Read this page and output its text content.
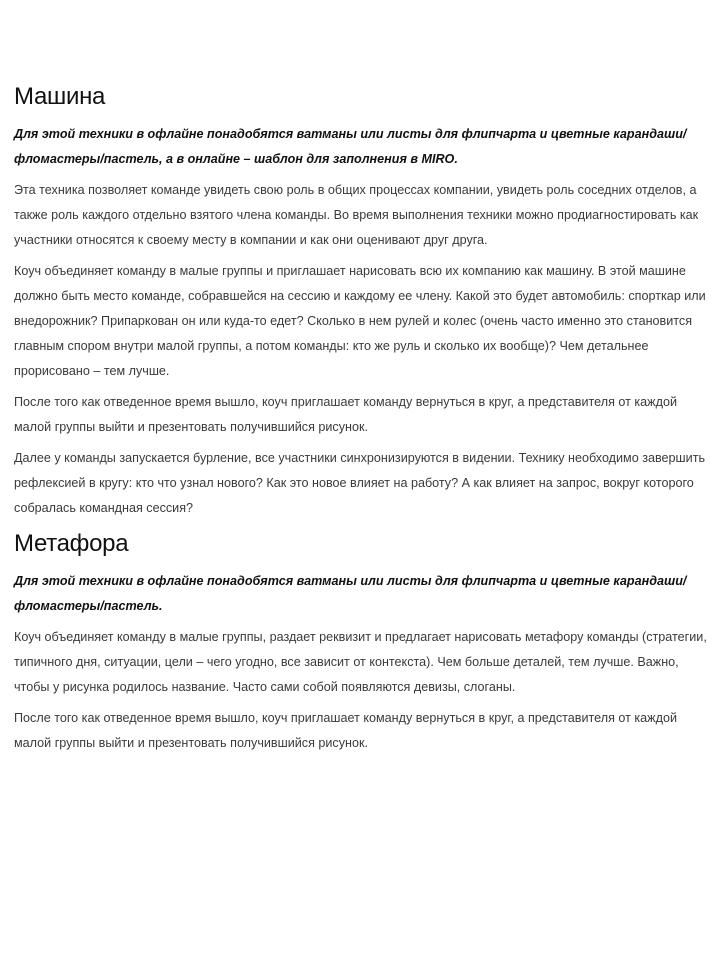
Машина

Для этой техники в офлайне понадобятся ватманы или листы для флипчарта и цветные карандаши/фломастеры/пастель, а в онлайне – шаблон для заполнения в MIRO.

Эта техника позволяет команде увидеть свою роль в общих процессах компании, увидеть роль соседних отделов, а также роль каждого отдельно взятого члена команды. Во время выполнения техники можно продиагностировать как участники относятся к своему месту в компании и как они оценивают друг друга.

Коуч объединяет команду в малые группы и приглашает нарисовать всю их компанию как машину. В этой машине должно быть место команде, собравшейся на сессию и каждому ее члену. Какой это будет автомобиль: спорткар или внедорожник? Припаркован он или куда-то едет? Сколько в нем рулей и колес (очень часто именно это становится главным спором внутри малой группы, а потом команды: кто же руль и сколько их вообще)? Чем детальнее прорисовано – тем лучше.

После того как отведенное время вышло, коуч приглашает команду вернуться в круг, а представителя от каждой малой группы выйти и презентовать получившийся рисунок.

Далее у команды запускается бурление, все участники синхронизируются в видении. Технику необходимо завершить рефлексией в кругу: кто что узнал нового? Как это новое влияет на работу? А как влияет на запрос, вокруг которого собралась командная сессия?

Метафора

Для этой техники в офлайне понадобятся ватманы или листы для флипчарта и цветные карандаши/фломастеры/пастель.

Коуч объединяет команду в малые группы, раздает реквизит и предлагает нарисовать метафору команды (стратегии, типичного дня, ситуации, цели – чего угодно, все зависит от контекста). Чем больше деталей, тем лучше. Важно, чтобы у рисунка родилось название. Часто сами собой появляются девизы, слоганы.

После того как отведенное время вышло, коуч приглашает команду вернуться в круг, а представителя от каждой малой группы выйти и презентовать получившийся рисунок.
